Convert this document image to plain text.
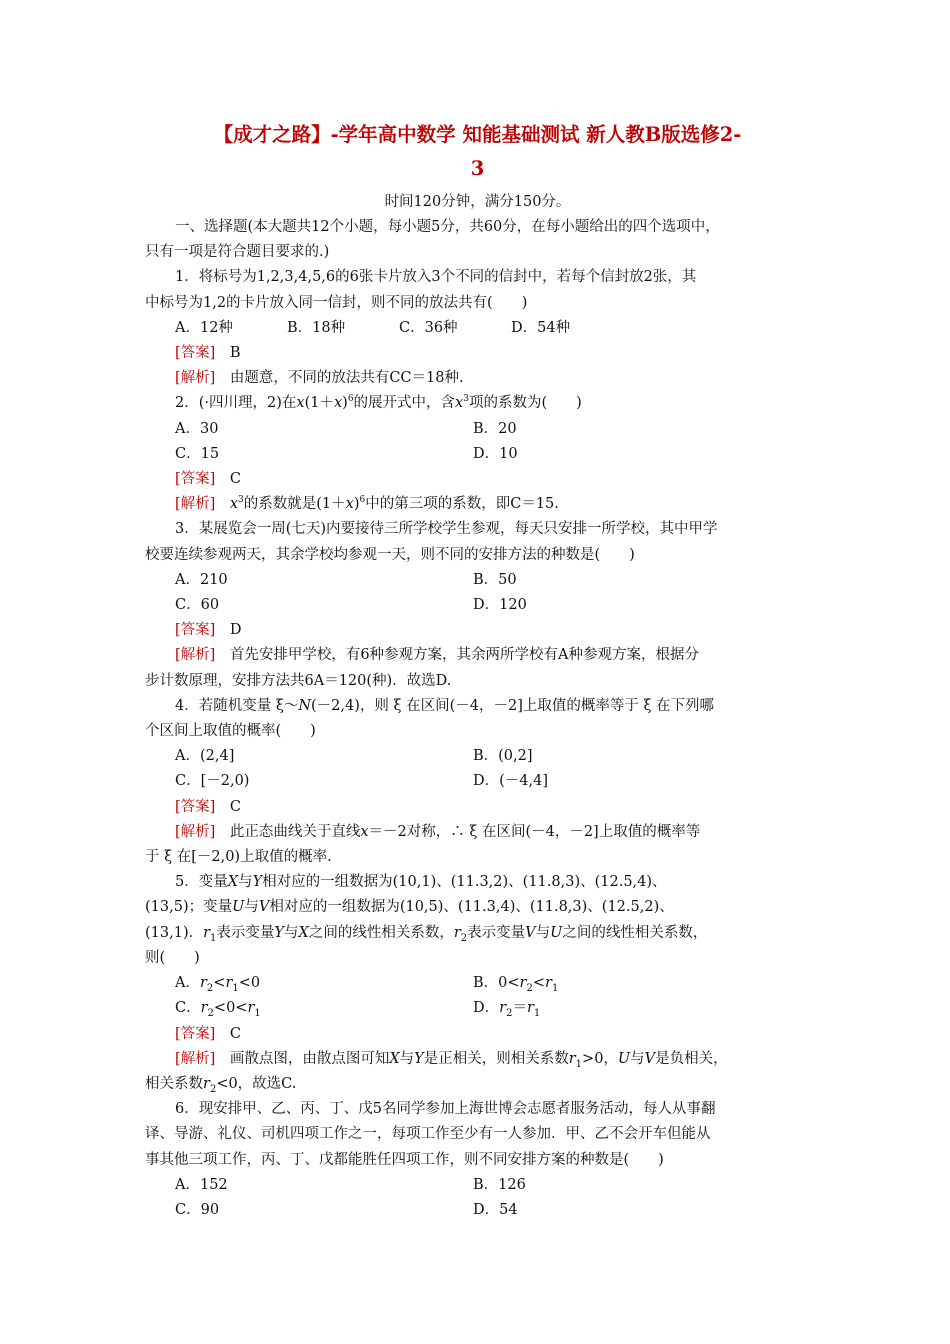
【成才之路】-学年高中数学 知能基础测试 新人教B版选修2-
3
时间120分钟，满分150分。
一、选择题(本大题共12个小题，每小题5分，共60分，在每小题给出的四个选项中，
只有一项是符合题目要求的.)
1．将标号为1,2,3,4,5,6的6张卡片放入3个不同的信封中，若每个信封放2张，其
中标号为1,2的卡片放入同一信封，则不同的放法共有(　　)
A．12种	B．18种	C．36种	D．54种
[答案]　 B
[解析]　 由题意，不同的放法共有CC＝18种.
2．(·四川理，2)在$x(1+x)^6$的展开式中，含$x^3$项的系数为(　　)
A．30	B．20
C．15	D．10
[答案]　 C
[解析]　 $x^3$的系数就是$(1+x)^6$中的第三项的系数，即C＝15.
3．某展览会一周(七天)内要接待三所学校学生参观，每天只安排一所学校，其中甲学
校要连续参观两天，其余学校均参观一天，则不同的安排方法的种数是(　　)
A．210	B．50
C．60	D．120
[答案]　 D
[解析]　 首先安排甲学校，有6种参观方案，其余两所学校有A种参观方案，根据分
步计数原理，安排方法共6A＝120(种)．故选D.
4．若随机变量 ξ～N(－2,4)，则 ξ 在区间(－4，－2]上取值的概率等于 ξ 在下列哪
个区间上取值的概率(　　)
A．(2,4]	B．(0,2]
C．[－2,0)	D．(－4,4]
[答案]　 C
[解析]　 此正态曲线关于直线x＝－2对称，∴ ξ 在区间(－4，－2]上取值的概率等
于 ξ 在[－2,0)上取值的概率.
5．变量X与Y相对应的一组数据为(10,1)、(11.3,2)、(11.8,3)、(12.5,4)、
(13,5)；变量U与V相对应的一组数据为(10,5)、(11.3,4)、(11.8,3)、(12.5,2)、
(13,1)．$r_1$表示变量Y与X之间的线性相关系数，$r_2$表示变量V与U之间的线性相关系数，
则(　　)
A．$r_2<r_1<0$	B．$0<r_2<r_1$
C．$r_2<0<r_1$	D．$r_2=r_1$
[答案]　 C
[解析]　 画散点图，由散点图可知X与Y是正相关，则相关系数$r_1>0$，U与V是负相关，
相关系数$r_2<0$，故选C.
6．现安排甲、乙、丙、丁、戊5名同学参加上海世博会志愿者服务活动，每人从事翻
译、导游、礼仪、司机四项工作之一，每项工作至少有一人参加．甲、乙不会开车但能从
事其他三项工作，丙、丁、戊都能胜任四项工作，则不同安排方案的种数是(　　)
A．152	B．126
C．90	D．54
